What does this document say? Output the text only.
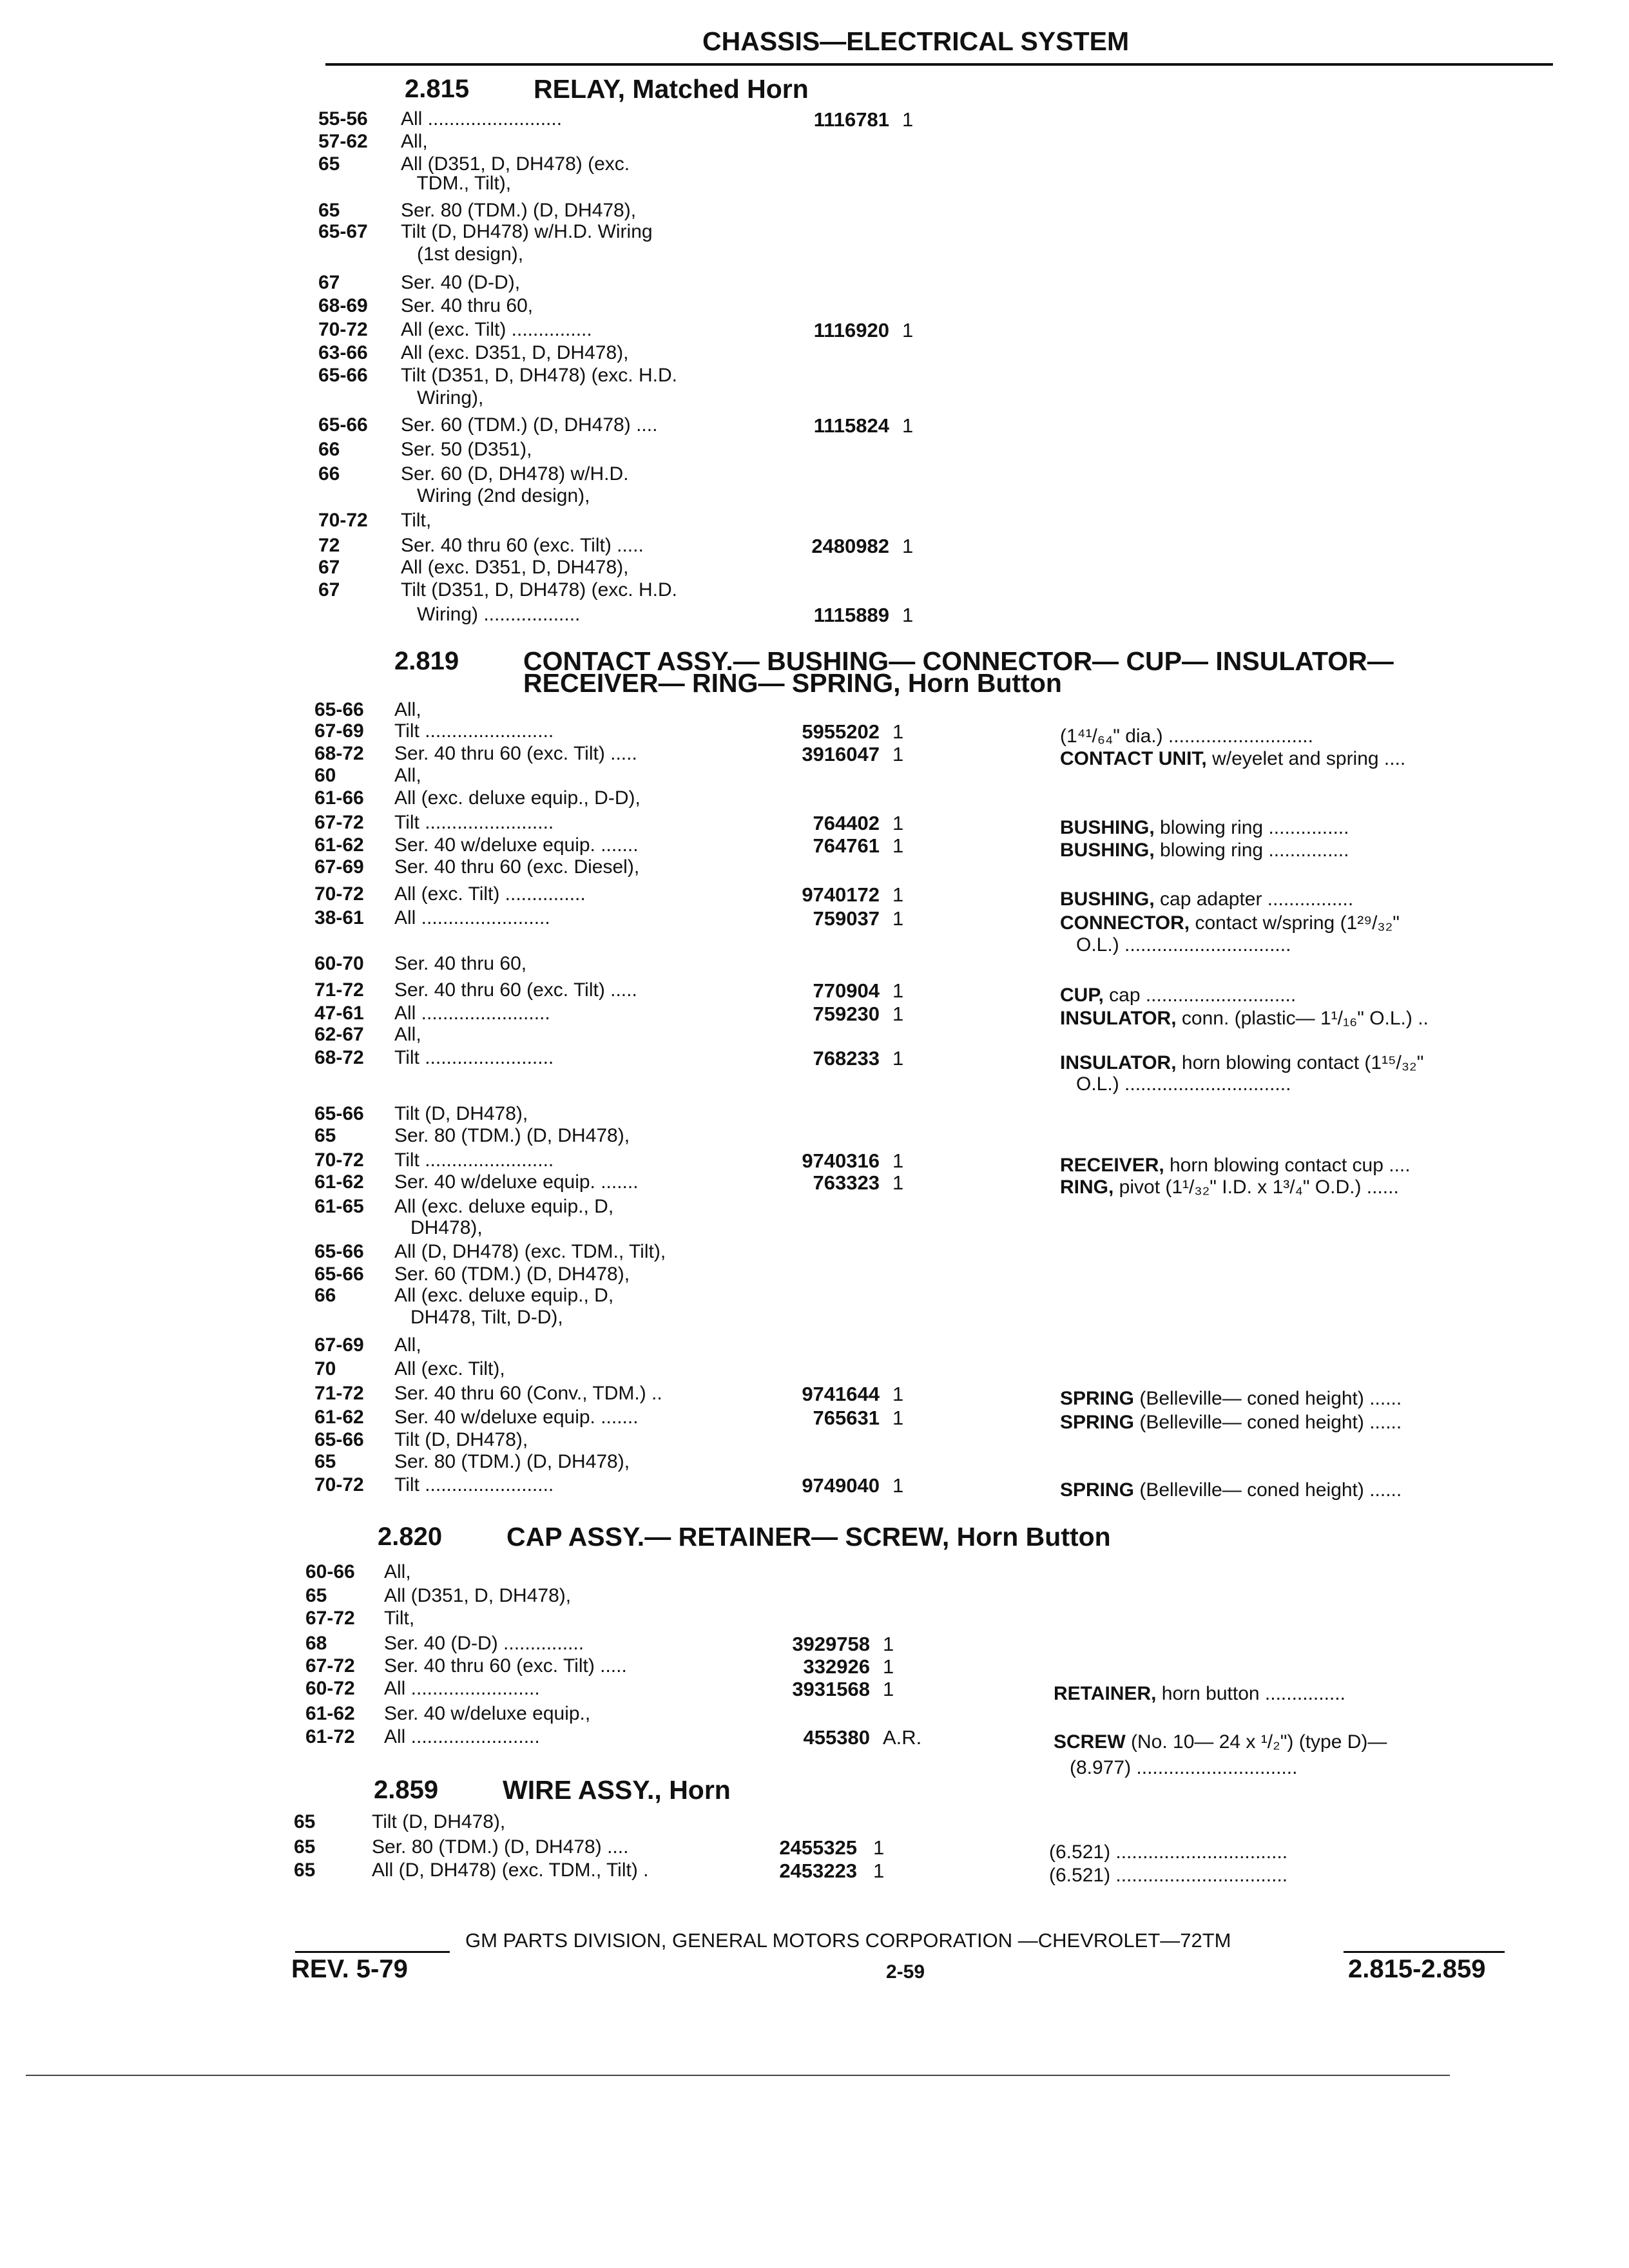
CHASSIS—ELECTRICAL SYSTEM
2.815 RELAY, Matched Horn
55-56 All .........................	1116781 1
57-62 All,
65	All (D351, D, DH478) (exc.
TDM., Tilt),
65	Ser. 80 (TDM.) (D, DH478),
65-67 Tilt (D, DH478) w/H.D. Wiring
(1st design),
67	Ser. 40 (D-D),
68-69 Ser. 40 thru 60,
70-72 All (exc. Tilt) ...............	1116920 1
63-66 All (exc. D351, D, DH478),
65-66 Tilt (D351, D, DH478) (exc. H.D.
Wiring),
65-66 Ser. 60 (TDM.) (D, DH478) ....	1115824 1
66	Ser. 50 (D351),
66	Ser. 60 (D, DH478) w/H.D.
Wiring (2nd design),
70-72 Tilt,
72	Ser. 40 thru 60 (exc. Tilt) .....	2480982 1
67	All (exc. D351, D, DH478),
67	Tilt (D351, D, DH478) (exc. H.D.
Wiring) ..................	1115889 1
2.819 CONTACT ASSY.— BUSHING— CONNECTOR— CUP— INSULATOR—
RECEIVER— RING— SPRING, Horn Button
65-66 All,
67-69 Tilt ........................	5955202 1	(1⁴¹/₆₄" dia.) ...........................
68-72 Ser. 40 thru 60 (exc. Tilt) .....	3916047 1	CONTACT UNIT, w/eyelet and spring ....
60	All,
61-66 All (exc. deluxe equip., D-D),
67-72 Tilt ........................	764402 1	BUSHING, blowing ring ...............
61-62 Ser. 40 w/deluxe equip. .......	764761 1	BUSHING, blowing ring ...............
67-69 Ser. 40 thru 60 (exc. Diesel),
70-72 All (exc. Tilt) ...............	9740172 1	BUSHING, cap adapter ................
38-61 All ........................	759037 1	CONNECTOR, contact w/spring (1²⁹/₃₂"
O.L.) ...............................
60-70 Ser. 40 thru 60,
71-72 Ser. 40 thru 60 (exc. Tilt) .....	770904 1	CUP, cap ............................
47-61 All ........................	759230 1	INSULATOR, conn. (plastic— 1¹/₁₆" O.L.) ..
62-67 All,
68-72 Tilt ........................	768233 1	INSULATOR, horn blowing contact (1¹⁵/₃₂"
O.L.) ...............................
65-66 Tilt (D, DH478),
65	Ser. 80 (TDM.) (D, DH478),
70-72 Tilt ........................	9740316 1	RECEIVER, horn blowing contact cup ....
61-62 Ser. 40 w/deluxe equip. .......	763323 1	RING, pivot (1¹/₃₂" I.D. x 1³/₄" O.D.) ......
61-65 All (exc. deluxe equip., D,
DH478),
65-66 All (D, DH478) (exc. TDM., Tilt),
65-66 Ser. 60 (TDM.) (D, DH478),
66	All (exc. deluxe equip., D,
DH478, Tilt, D-D),
67-69 All,
70	All (exc. Tilt),
71-72 Ser. 40 thru 60 (Conv., TDM.) ..	9741644 1	SPRING (Belleville— coned height) ......
61-62 Ser. 40 w/deluxe equip. .......	765631 1	SPRING (Belleville— coned height) ......
65-66 Tilt (D, DH478),
65	Ser. 80 (TDM.) (D, DH478),
70-72 Tilt ........................	9749040 1	SPRING (Belleville— coned height) ......
2.820 CAP ASSY.— RETAINER— SCREW, Horn Button
60-66 All,
65	All (D351, D, DH478),
67-72 Tilt,
68	Ser. 40 (D-D) ...............	3929758 1
67-72 Ser. 40 thru 60 (exc. Tilt) .....	332926 1
60-72 All ........................	3931568 1	RETAINER, horn button ...............
61-62 Ser. 40 w/deluxe equip.,
61-72 All ........................	455380 A.R.	SCREW (No. 10— 24 x ¹/₂") (type D)—
(8.977) ..............................
2.859 WIRE ASSY., Horn
65	Tilt (D, DH478),
65	Ser. 80 (TDM.) (D, DH478) ....	2455325 1	(6.521) ................................
65	All (D, DH478) (exc. TDM., Tilt) .	2453223 1	(6.521) ................................
GM PARTS DIVISION, GENERAL MOTORS CORPORATION —CHEVROLET—72TM
REV. 5-79	2-59	2.815-2.859
